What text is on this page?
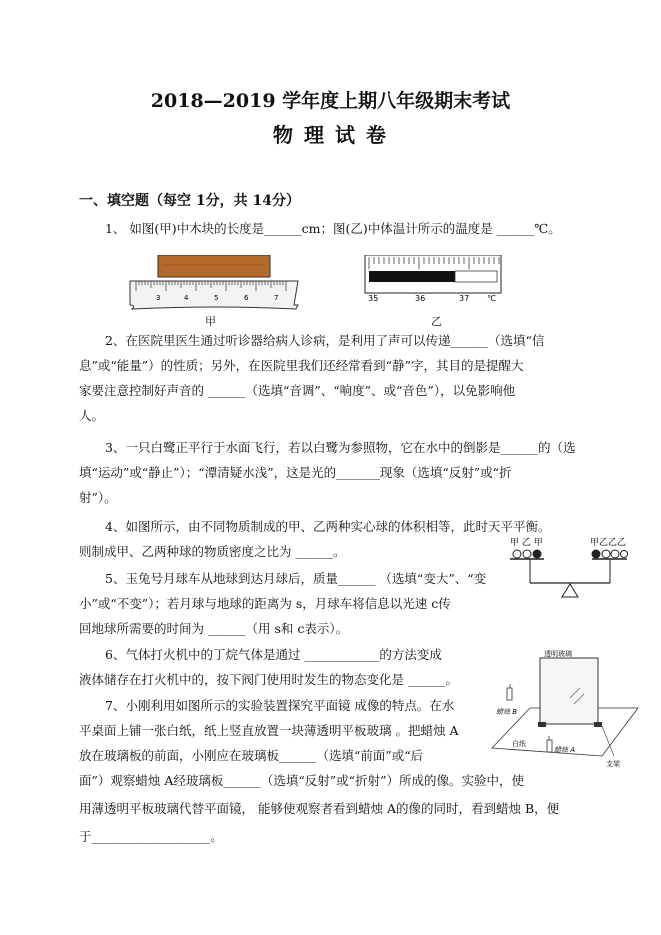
2018—2019 学年度上期八年级期末考试
物 理 试 卷
一、填空题（每空 1分，共 14分）
1、 如图(甲)中木块的长度是______cm；图(乙)中体温计所示的温度是 ______℃。
3	4	5	6	7
甲
35	36	37 ℃
乙
2、在医院里医生通过听诊器给病人诊病，是利用了声可以传递______（选填“信
息”或“能量”）的性质；另外，在医院里我们还经常看到“静”字，其目的是提醒大
家要注意控制好声音的 ______（选填“音调”、“响度”、或“音色”），以免影响他
人。
3、一只白鹭正平行于水面飞行，若以白鹭为参照物，它在水中的倒影是______的（选
填“运动”或“静止”）；“潭清疑水浅”，这是光的_______现象（选填“反射”或“折
射”）。
4、如图所示，由不同物质制成的甲、乙两种实心球的体积相等，此时天平平衡。
则制成甲、乙两种球的物质密度之比为 ______。
甲 乙 甲	甲乙乙乙
5、玉兔号月球车从地球到达月球后，质量______ （选填“变大”、“变
小”或“不变”）；若月球与地球的距离为 s，月球车将信息以光速 c传
回地球所需要的时间为 ______（用 s和 c表示）。
6、气体打火机中的丁烷气体是通过 ____________的方法变成
液体储存在打火机中的，按下阀门使用时发生的物态变化是 ______。
7、小刚利用如图所示的实验装置探究平面镜 成像的特点。在水
平桌面上铺一张白纸，纸上竖直放置一块薄透明平板玻璃 。把蜡烛 A
放在玻璃板的前面，小刚应在玻璃板______（选填“前面”或“后
面”）观察蜡烛 A经玻璃板______（选填“反射”或“折射”）所成的像。实验中，使
用薄透明平板玻璃代替平面镜， 能够使观察者看到蜡烛 A的像的同时，看到蜡烛 B，便
于___________________。
透明玻璃
蜡烛 B
蜡烛 A
白纸
支架
